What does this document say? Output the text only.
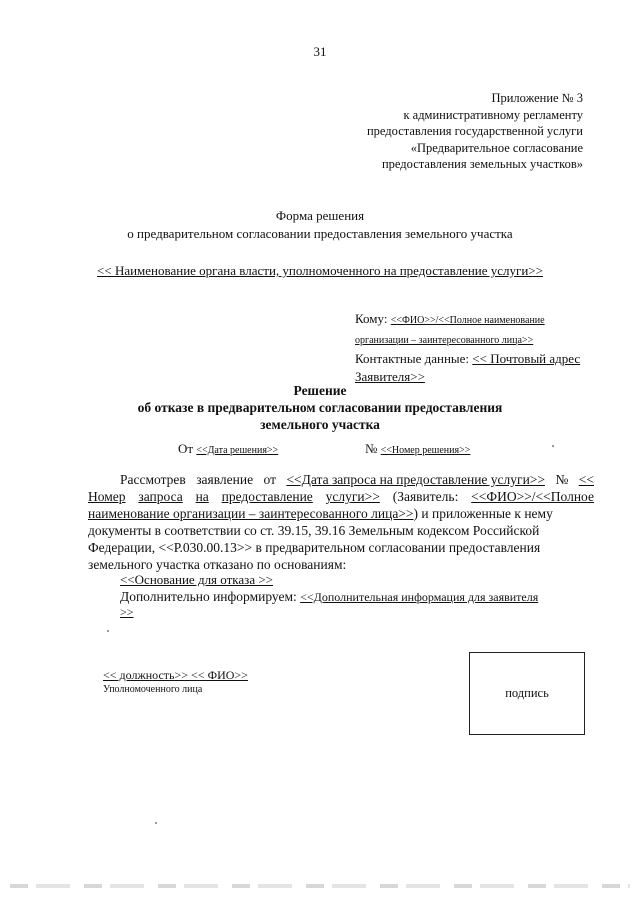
31
Приложение № 3
к административному регламенту
предоставления государственной услуги
«Предварительное согласование
предоставления земельных участков»
Форма решения
о предварительном согласовании предоставления земельного участка
<< Наименование органа власти, уполномоченного на предоставление услуги>>
Кому: <<ФИО>>/<<Полное наименование
организации – заинтересованного лица>>
Контактные данные: << Почтовый адрес
Заявителя>>
Решение
об отказе в предварительном согласовании предоставления
земельного участка
От <<Дата решения>>	№ <<Номер решения>>
Рассмотрев заявление от <<Дата запроса на предоставление услуги>> № <<
Номер запроса на предоставление услуги>> (Заявитель: <<ФИО>>/<<Полное
наименование организации – заинтересованного лица>> ) и приложенные к нему
документы в соответствии со ст. 39.15, 39.16 Земельным кодексом Российской
Федерации, <<Р.030.00.13>> в предварительном согласовании предоставления
земельного участка отказано по основаниям:
<<Основание для отказа >>
Дополнительно информируем: <<Дополнительная информация для заявителя
>>
<< должность>> << ФИО>>
Уполномоченного лица	подпись
